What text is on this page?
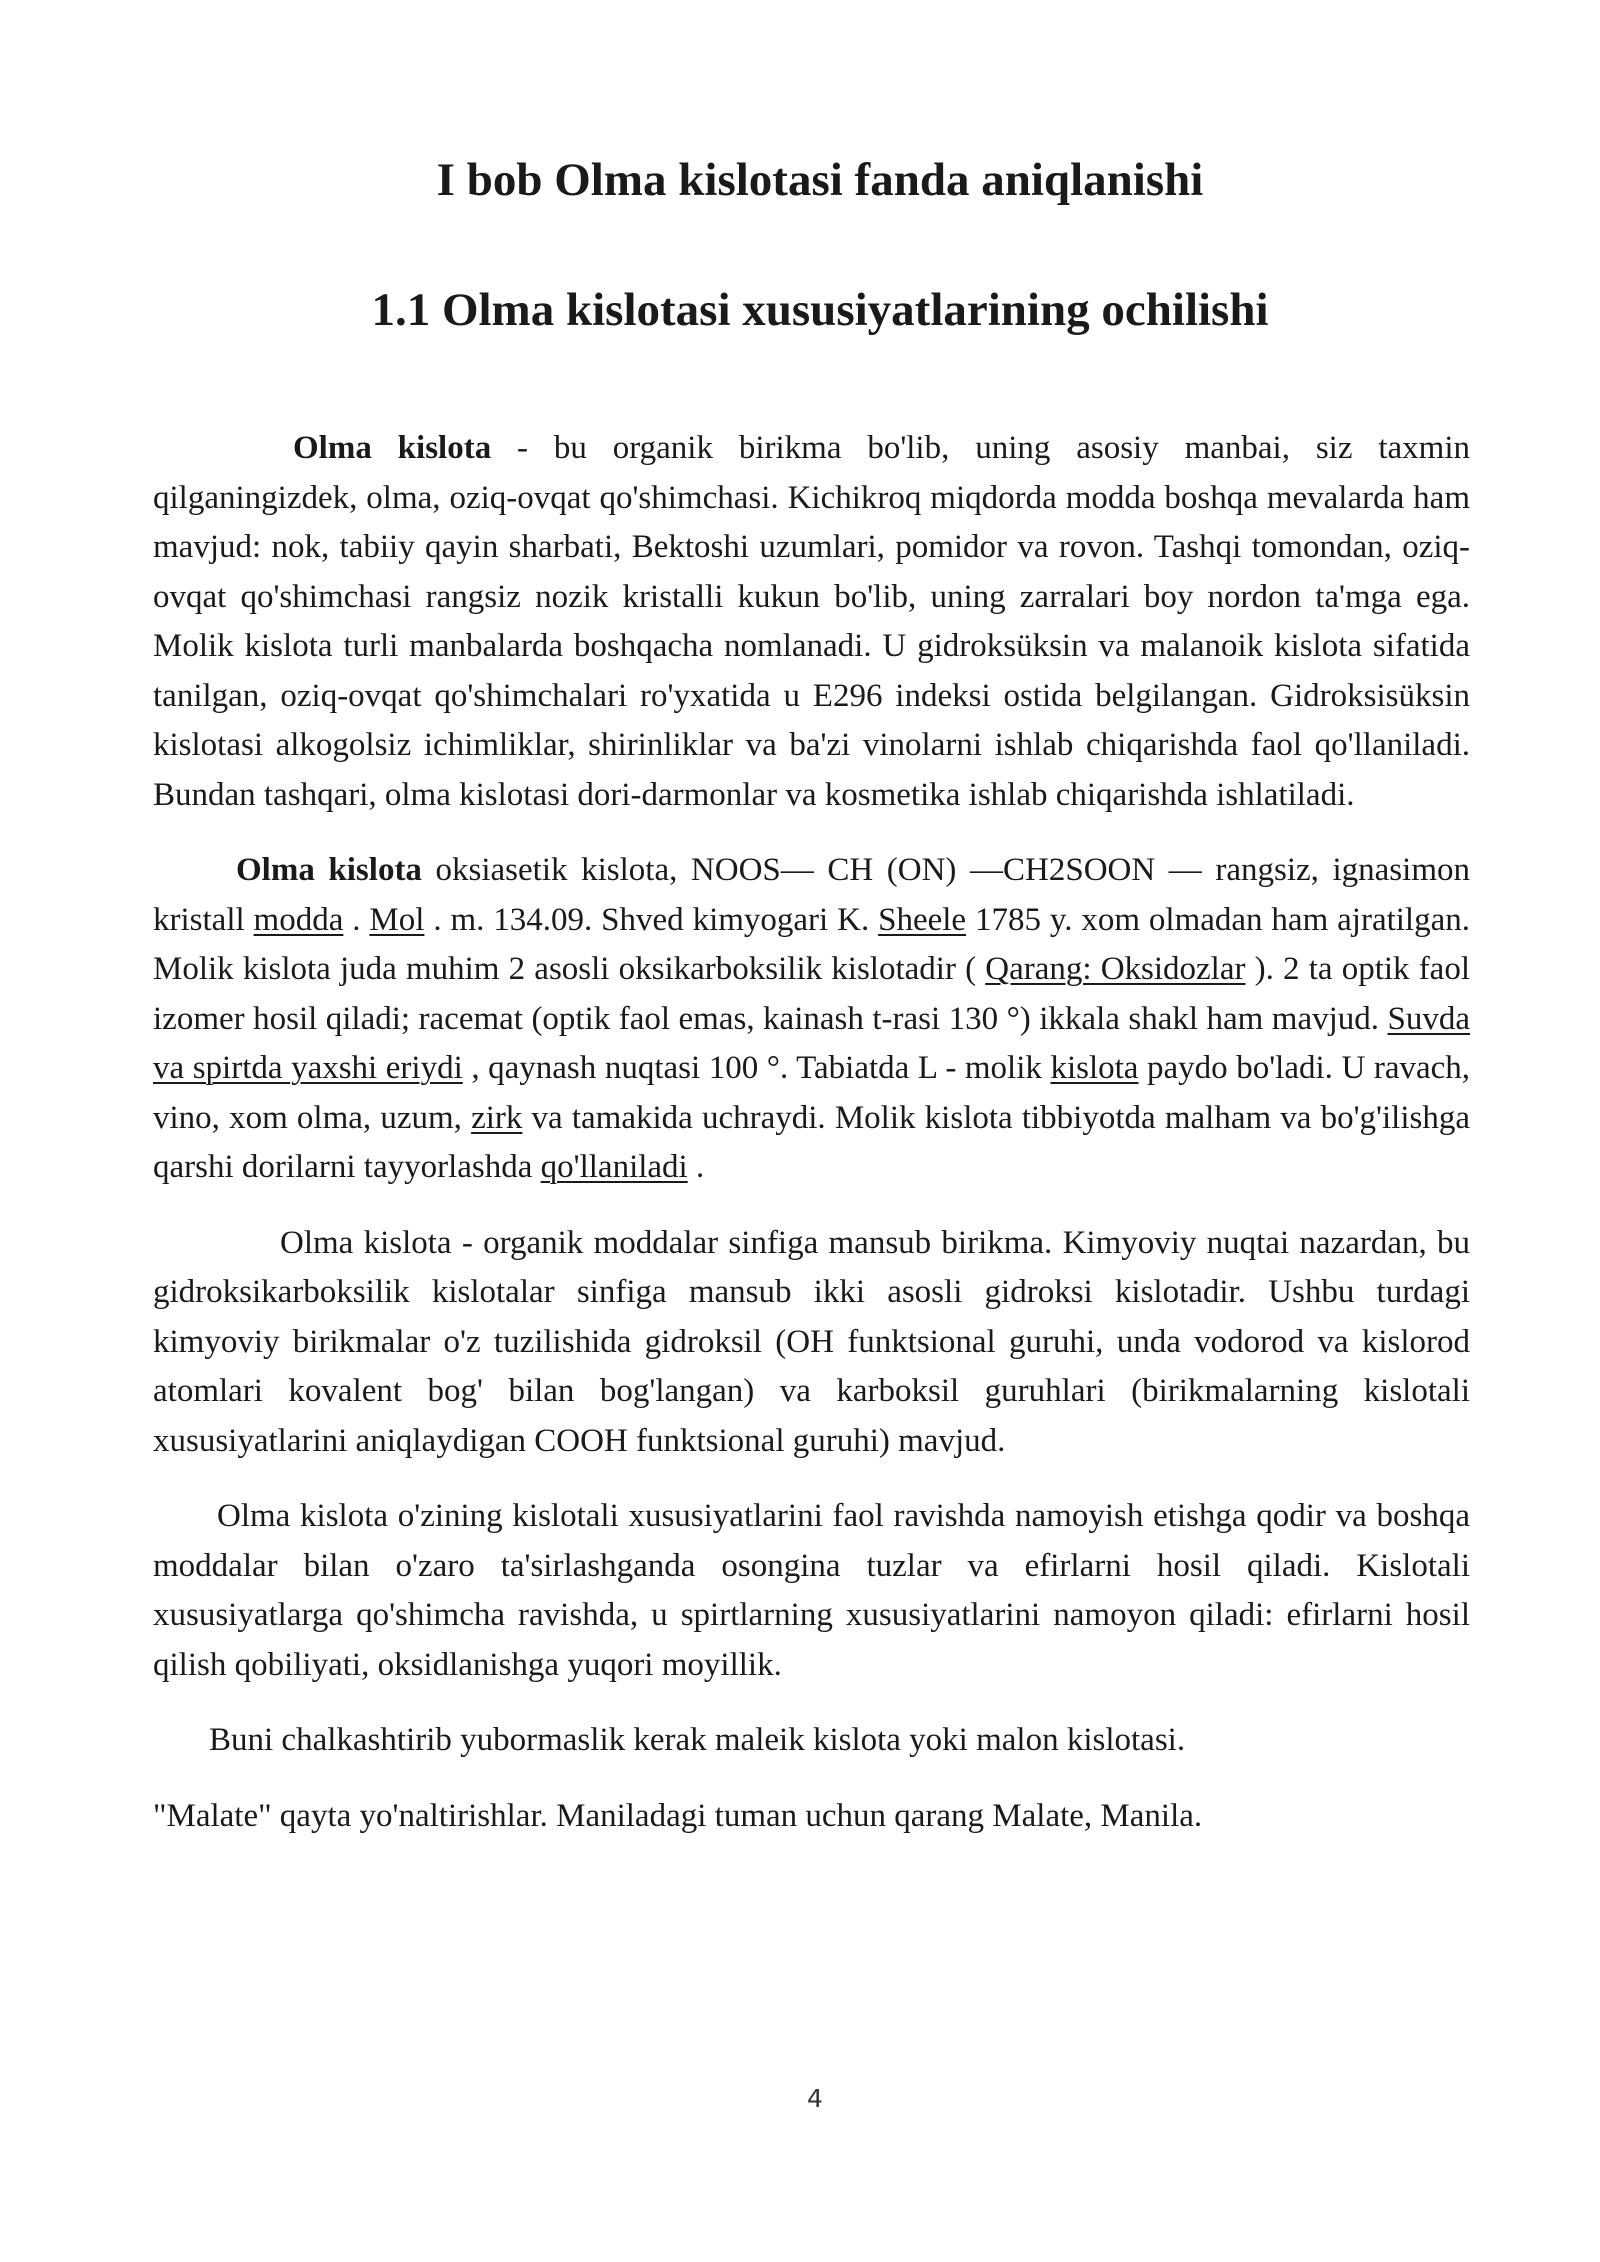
I bob Olma kislotasi fanda aniqlanishi
1.1 Olma kislotasi xususiyatlarining ochilishi

Olma kislota - bu organik birikma bo'lib, uning asosiy manbai, siz taxmin qilganingizdek, olma, oziq-ovqat qo'shimchasi. Kichikroq miqdorda modda boshqa mevalarda ham mavjud: nok, tabiiy qayin sharbati, Bektoshi uzumlari, pomidor va rovon. Tashqi tomondan, oziq-ovqat qo'shimchasi rangsiz nozik kristalli kukun bo'lib, uning zarralari boy nordon ta'mga ega. Molik kislota turli manbalarda boshqacha nomlanadi. U gidroksüksin va malanoik kislota sifatida tanilgan, oziq-ovqat qo'shimchalari ro'yxatida u E296 indeksi ostida belgilangan. Gidroksisüksin kislotasi alkogolsiz ichimliklar, shirinliklar va ba'zi vinolarni ishlab chiqarishda faol qo'llaniladi. Bundan tashqari, olma kislotasi dori-darmonlar va kosmetika ishlab chiqarishda ishlatiladi.

Olma kislota oksiasetik kislota, NOOS— CH (ON) —CH2SOON — rangsiz, ignasimon kristall modda . Mol . m. 134.09. Shved kimyogari K. Sheele 1785 y. xom olmadan ham ajratilgan. Molik kislota juda muhim 2 asosli oksikarboksilik kislotadir ( Qarang: Oksidozlar ). 2 ta optik faol izomer hosil qiladi; racemat (optik faol emas, kainash t-rasi 130 °) ikkala shakl ham mavjud. Suvda va spirtda yaxshi eriydi , qaynash nuqtasi 100 °. Tabiatda L - molik kislota paydo bo'ladi. U ravach, vino, xom olma, uzum, zirk va tamakida uchraydi. Molik kislota tibbiyotda malham va bo'g'ilishga qarshi dorilarni tayyorlashda qo'llaniladi .

Olma kislota - organik moddalar sinfiga mansub birikma. Kimyoviy nuqtai nazardan, bu gidroksikarboksilik kislotalar sinfiga mansub ikki asosli gidroksi kislotadir. Ushbu turdagi kimyoviy birikmalar o'z tuzilishida gidroksil (OH funktsional guruhi, unda vodorod va kislorod atomlari kovalent bog' bilan bog'langan) va karboksil guruhlari (birikmalarning kislotali xususiyatlarini aniqlaydigan COOH funktsional guruhi) mavjud.

Olma kislota o'zining kislotali xususiyatlarini faol ravishda namoyish etishga qodir va boshqa moddalar bilan o'zaro ta'sirlashganda osongina tuzlar va efirlarni hosil qiladi. Kislotali xususiyatlarga qo'shimcha ravishda, u spirtlarning xususiyatlarini namoyon qiladi: efirlarni hosil qilish qobiliyati, oksidlanishga yuqori moyillik.

Buni chalkashtirib yubormaslik kerak maleik kislota yoki malon kislotasi.

"Malate" qayta yo'naltirishlar. Maniladagi tuman uchun qarang Malate, Manila.

4
